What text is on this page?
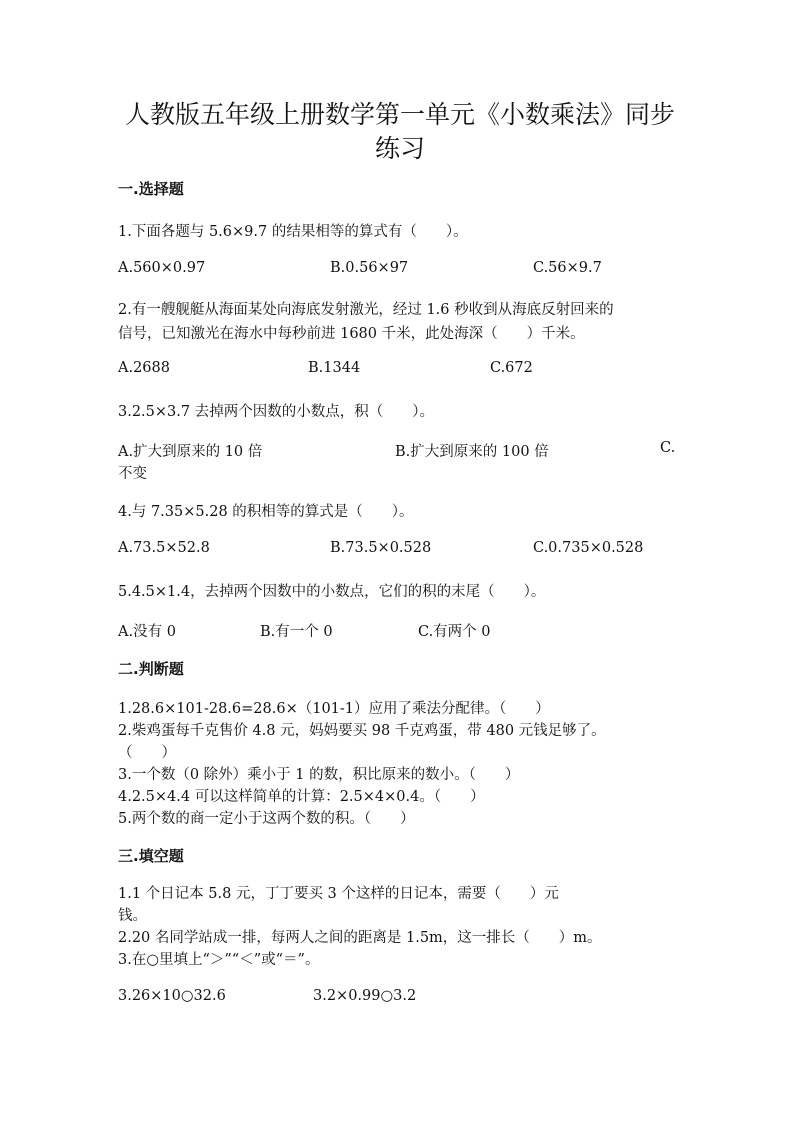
人教版五年级上册数学第一单元《小数乘法》同步
练习
一.选择题

1.下面各题与 5.6×9.7 的结果相等的算式有（　　）。

A.560×0.97	B.0.56×97	C.56×9.7

2.有一艘舰艇从海面某处向海底发射激光，经过 1.6 秒收到从海底反射回来的

信号，已知激光在海水中每秒前进 1680 千米，此处海深（　　）千米。

A.2688	B.1344	C.672

3.2.5×3.7 去掉两个因数的小数点，积（　　）。

A.扩大到原来的 10 倍	B.扩大到原来的 100 倍	C.
不变

4.与 7.35×5.28 的积相等的算式是（　　）。

A.73.5×52.8	B.73.5×0.528	C.0.735×0.528

5.4.5×1.4，去掉两个因数中的小数点，它们的积的末尾（　　）。

A.没有 0	B.有一个 0	C.有两个 0
二.判断题

1.28.6×101-28.6=28.6×（101-1）应用了乘法分配律。（　　）

2.柴鸡蛋每千克售价 4.8 元，妈妈要买 98 千克鸡蛋，带 480 元钱足够了。

（　　）

3.一个数（0 除外）乘小于 1 的数，积比原来的数小。（　　）

4.2.5×4.4 可以这样简单的计算：2.5×4×0.4。（　　）

5.两个数的商一定小于这两个数的积。（　　）

三.填空题

1.1 个日记本 5.8 元，丁丁要买 3 个这样的日记本，需要（　　）元

钱。

2.20 名同学站成一排，每两人之间的距离是 1.5m，这一排长（　　）m。

3.在○里填上“＞”“＜”或“＝”。

3.26×10○32.6	3.2×0.99○3.2
